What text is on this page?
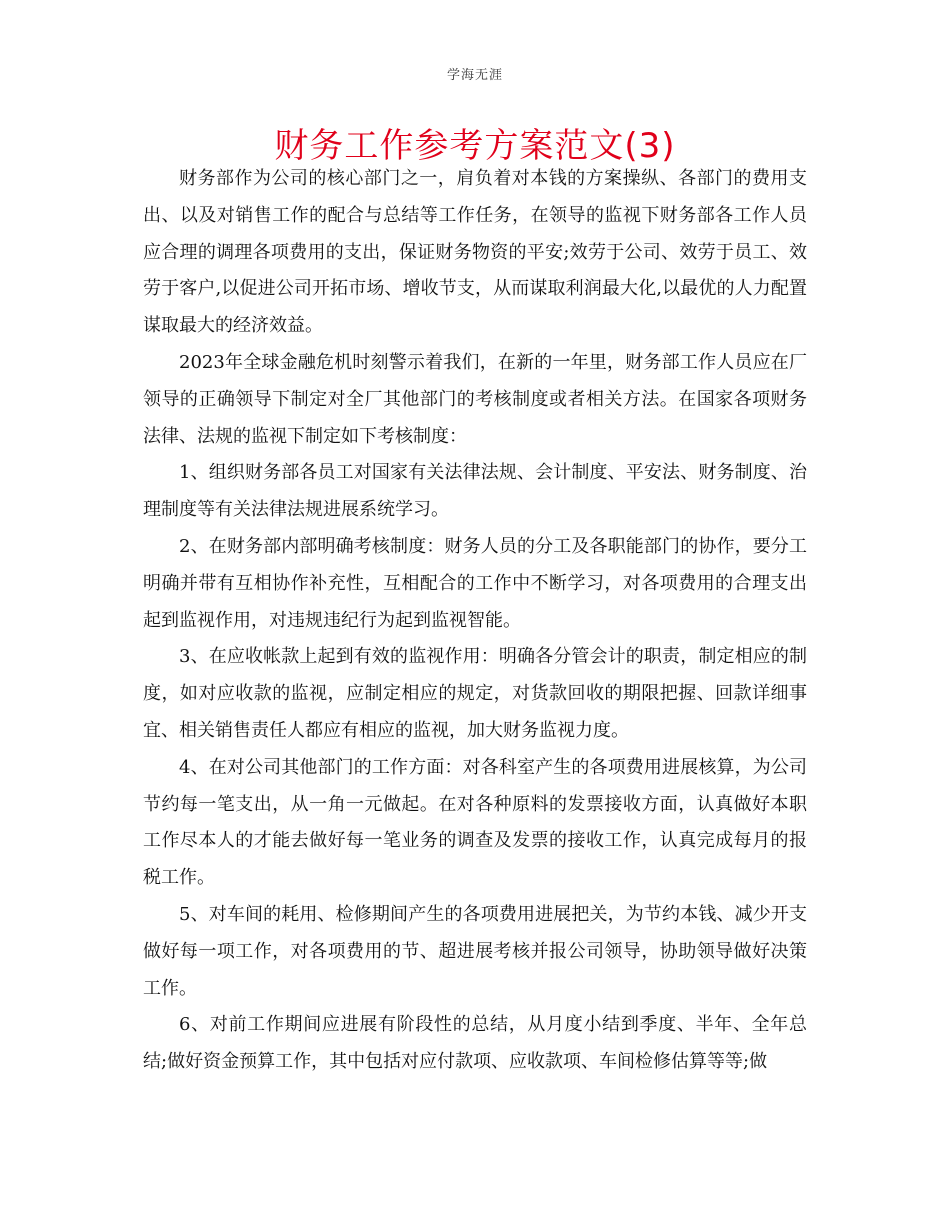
学海无涯
财务工作参考方案范文(3)

财务部作为公司的核心部门之一，肩负着对本钱的方案操纵、各部门的费用支出、以及对销售工作的配合与总结等工作任务，在领导的监视下财务部各工作人员应合理的调理各项费用的支出，保证财务物资的平安;效劳于公司、效劳于员工、效劳于客户,以促进公司开拓市场、增收节支，从而谋取利润最大化,以最优的人力配置谋取最大的经济效益。

2023年全球金融危机时刻警示着我们，在新的一年里，财务部工作人员应在厂领导的正确领导下制定对全厂其他部门的考核制度或者相关方法。在国家各项财务法律、法规的监视下制定如下考核制度：

1、组织财务部各员工对国家有关法律法规、会计制度、平安法、财务制度、治理制度等有关法律法规进展系统学习。

2、在财务部内部明确考核制度：财务人员的分工及各职能部门的协作，要分工明确并带有互相协作补充性，互相配合的工作中不断学习，对各项费用的合理支出起到监视作用，对违规违纪行为起到监视智能。

3、在应收帐款上起到有效的监视作用：明确各分管会计的职责，制定相应的制度，如对应收款的监视，应制定相应的规定，对货款回收的期限把握、回款详细事宜、相关销售责任人都应有相应的监视，加大财务监视力度。

4、在对公司其他部门的工作方面：对各科室产生的各项费用进展核算，为公司节约每一笔支出，从一角一元做起。在对各种原料的发票接收方面，认真做好本职工作尽本人的才能去做好每一笔业务的调查及发票的接收工作，认真完成每月的报税工作。

5、对车间的耗用、检修期间产生的各项费用进展把关，为节约本钱、减少开支做好每一项工作，对各项费用的节、超进展考核并报公司领导，协助领导做好决策工作。

6、对前工作期间应进展有阶段性的总结，从月度小结到季度、半年、全年总结;做好资金预算工作，其中包括对应付款项、应收款项、车间检修估算等等;做
